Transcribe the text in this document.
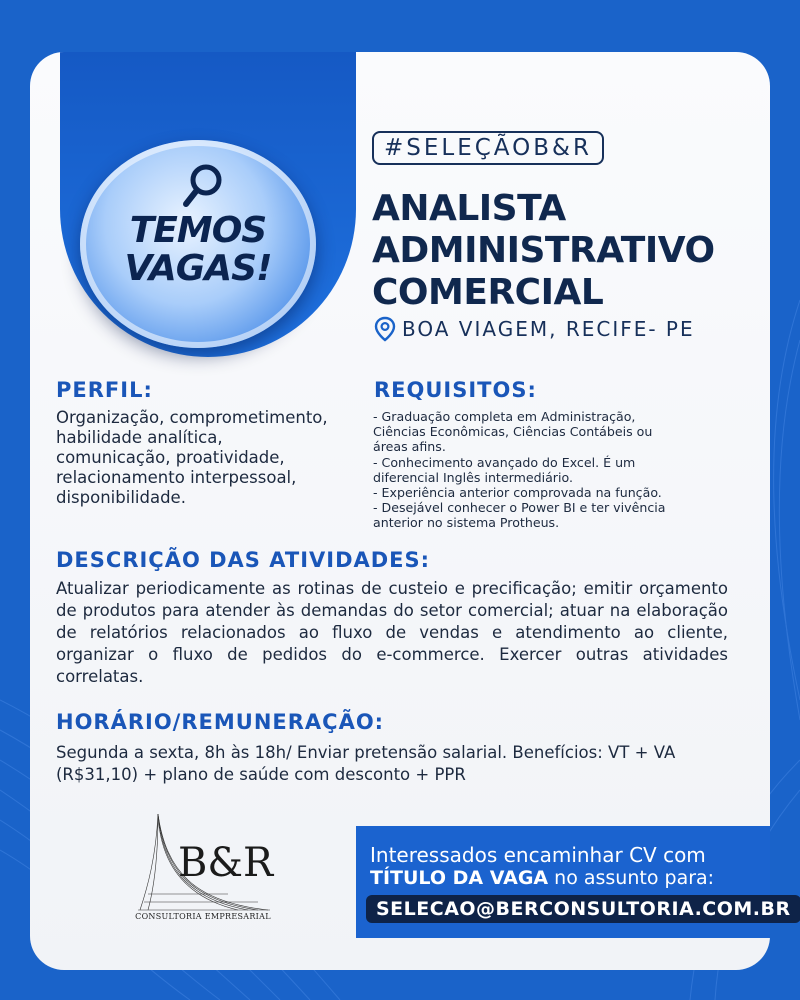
TEMOS
VAGAS!
#SELEÇÃOB&R
ANALISTA
ADMINISTRATIVO
COMERCIAL
BOA VIAGEM, RECIFE- PE
PERFIL:
Organização, comprometimento,
habilidade analítica,
comunicação, proatividade,
relacionamento interpessoal,
disponibilidade.
REQUISITOS:
- Graduação completa em Administração,
Ciências Econômicas, Ciências Contábeis ou
áreas afins.
- Conhecimento avançado do Excel. É um
diferencial Inglês intermediário.
- Experiência anterior comprovada na função.
- Desejável conhecer o Power BI e ter vivência
anterior no sistema Protheus.
DESCRIÇÃO DAS ATIVIDADES:
Atualizar periodicamente as rotinas de custeio e precificação; emitir orçamento de produtos para atender às demandas do setor comercial; atuar na elaboração de relatórios relacionados ao fluxo de vendas e atendimento ao cliente, organizar o fluxo de pedidos do e-commerce. Exercer outras atividades correlatas.
HORÁRIO/REMUNERAÇÃO:
Segunda a sexta, 8h às 18h/ Enviar pretensão salarial. Benefícios: VT + VA
(R$31,10) + plano de saúde com desconto + PPR
B&R
CONSULTORIA EMPRESARIAL
Interessados encaminhar CV com
TÍTULO DA VAGA no assunto para:
SELECAO@BERCONSULTORIA.COM.BR
